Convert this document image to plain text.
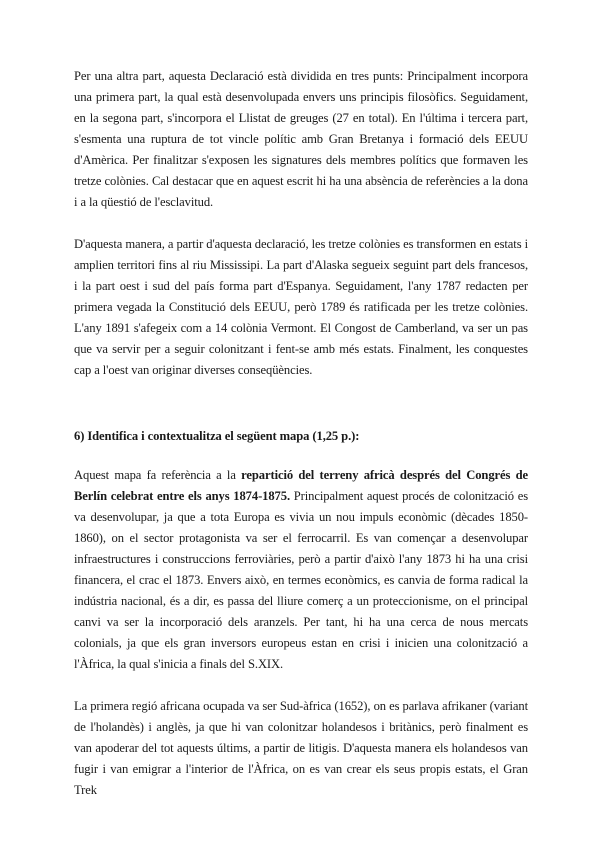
Per una altra part, aquesta Declaració està dividida en tres punts: Principalment incorpora una primera part, la qual està desenvolupada envers uns principis filosòfics. Seguidament, en la segona part, s'incorpora el Llistat de greuges (27 en total). En l'última i tercera part, s'esmenta una ruptura de tot vincle polític amb Gran Bretanya i formació dels EEUU d'Amèrica. Per finalitzar s'exposen les signatures dels membres polítics que formaven les tretze colònies. Cal destacar que en aquest escrit hi ha una absència de referències a la dona i a la qüestió de l'esclavitud.

D'aquesta manera, a partir d'aquesta declaració, les tretze colònies es transformen en estats i amplien territori fins al riu Mississipi. La part d'Alaska segueix seguint part dels francesos, i la part oest i sud del país forma part d'Espanya. Seguidament, l'any 1787 redacten per primera vegada la Constitució dels EEUU, però 1789 és ratificada per les tretze colònies. L'any 1891 s'afegeix com a 14 colònia Vermont. El Congost de Camberland, va ser un pas que va servir per a seguir colonitzant i fent-se amb més estats. Finalment, les conquestes cap a l'oest van originar diverses conseqüències.

6) Identifica i contextualitza el següent mapa (1,25 p.):

Aquest mapa fa referència a la repartició del terreny africà després del Congrés de Berlín celebrat entre els anys 1874-1875. Principalment aquest procés de colonització es va desenvolupar, ja que a tota Europa es vivia un nou impuls econòmic (dècades 1850-1860), on el sector protagonista va ser el ferrocarril. Es van començar a desenvolupar infraestructures i construccions ferroviàries, però a partir d'això l'any 1873 hi ha una crisi financera, el crac el 1873. Envers això, en termes econòmics, es canvia de forma radical la indústria nacional, és a dir, es passa del lliure comerç a un proteccionisme, on el principal canvi va ser la incorporació dels aranzels. Per tant, hi ha una cerca de nous mercats colonials, ja que els gran inversors europeus estan en crisi i inicien una colonització a l'Àfrica, la qual s'inicia a finals del S.XIX.

La primera regió africana ocupada va ser Sud-àfrica (1652), on es parlava afrikaner (variant de l'holandès) i anglès, ja que hi van colonitzar holandesos i britànics, però finalment es van apoderar del tot aquests últims, a partir de litigis. D'aquesta manera els holandesos van fugir i van emigrar a l'interior de l'Àfrica, on es van crear els seus propis estats, el Gran Trek
